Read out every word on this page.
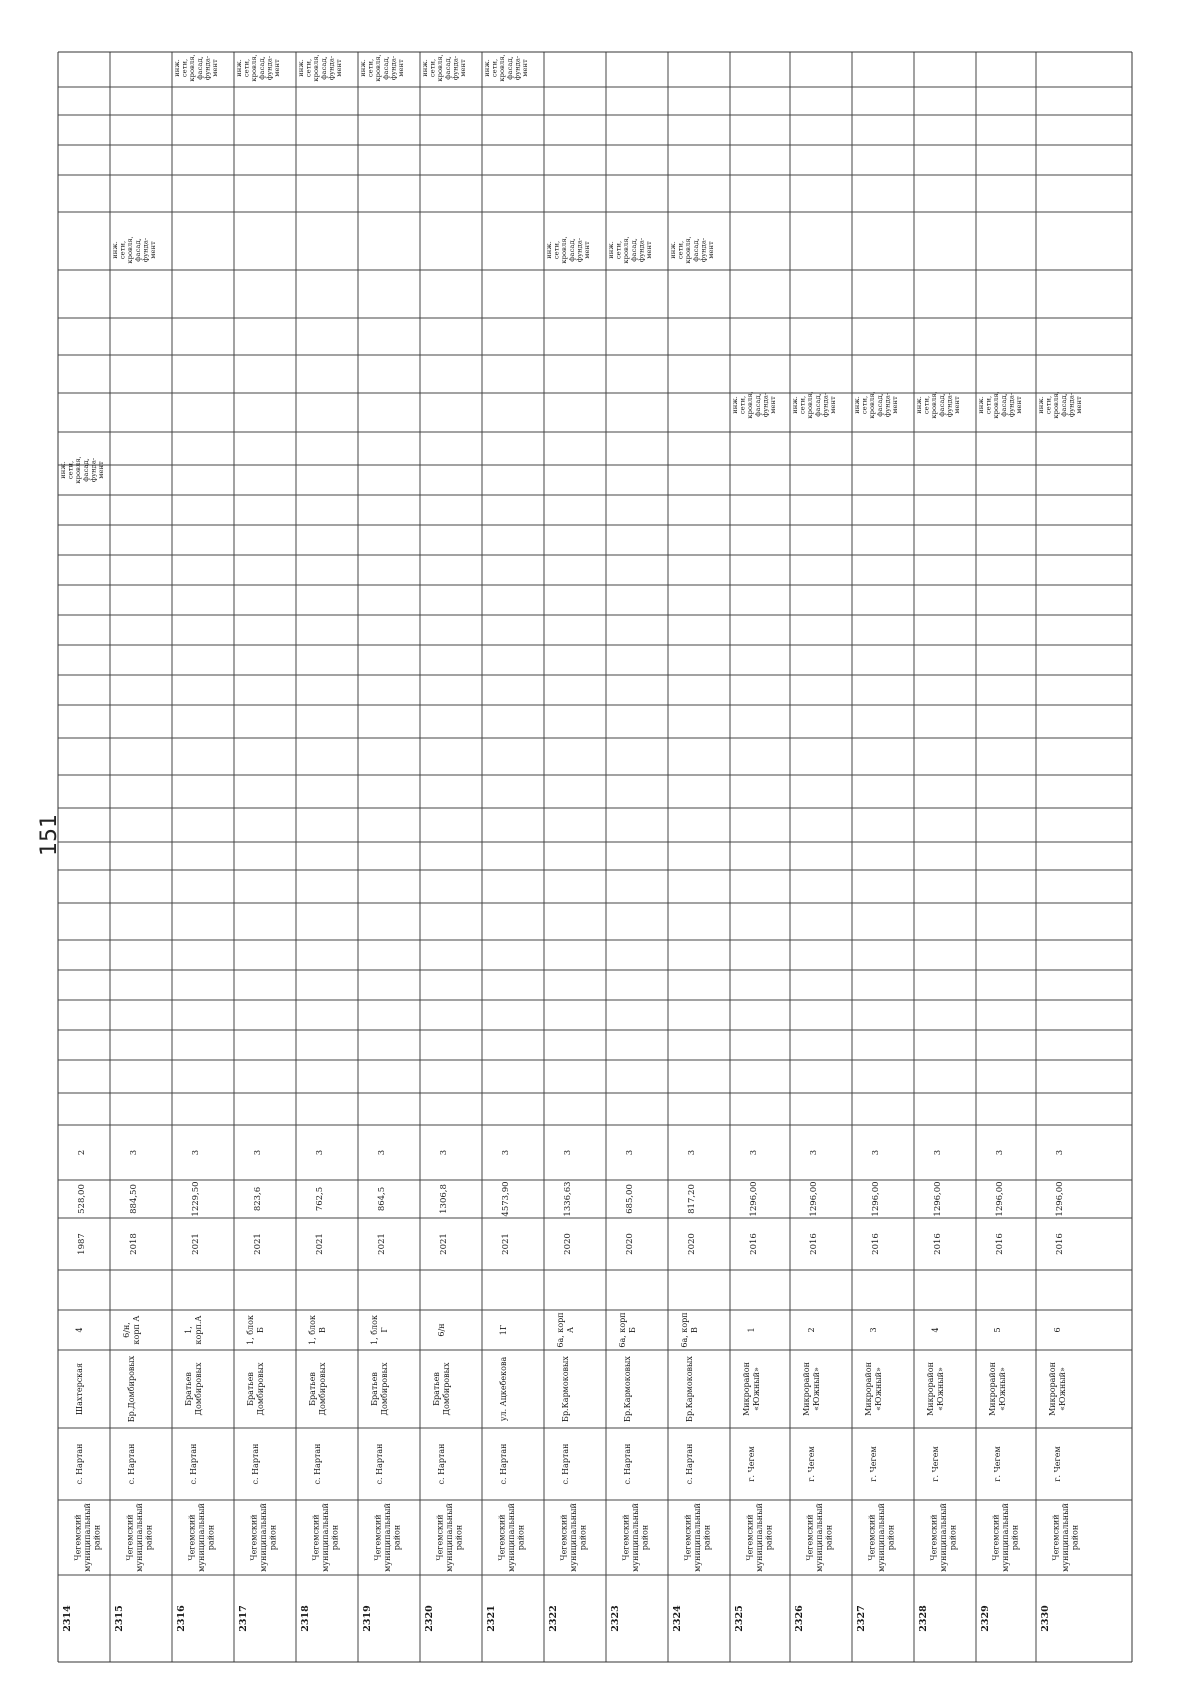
2314
Чегемскиймуниципальныйрайон
с. Нартан
Шахтерская
4
1987
528,00
2
инж.сети,кровля,фасад,фунда-мент
2315
Чегемскиймуниципальныйрайон
с. Нартан
Бр.Домбировых
6/н,корп А
2018
884,50
3
инж.сети,кровля,фасад,фунда-мент
2316
Чегемскиймуниципальныйрайон
с. Нартан
БратьевДомбировых
1,корп.А
2021
1229,50
3
инж.сети,кровля,фасад,фунда-мент
2317
Чегемскиймуниципальныйрайон
с. Нартан
БратьевДомбировых
1, блокБ
2021
823,6
3
инж.сети,кровля,фасад,фунда-мент
2318
Чегемскиймуниципальныйрайон
с. Нартан
БратьевДомбировых
1, блокВ
2021
762,5
3
инж.сети,кровля,фасад,фунда-мент
2319
Чегемскиймуниципальныйрайон
с. Нартан
БратьевДомбировых
1, блокГ
2021
864,5
3
инж.сети,кровля,фасад,фунда-мент
2320
Чегемскиймуниципальныйрайон
с. Нартан
БратьевДомбировых
6/н
2021
1306,8
3
инж.сети,кровля,фасад,фунда-мент
2321
Чегемскиймуниципальныйрайон
с. Нартан
ул. Ацкебекова
1Г
2021
4573,90
3
инж.сети,кровля,фасад,фунда-мент
2322
Чегемскиймуниципальныйрайон
с. Нартан
Бр.Кармоковых
6а, корпА
2020
1336,63
3
инж.сети,кровля,фасад,фунда-мент
2323
Чегемскиймуниципальныйрайон
с. Нартан
Бр.Кармоковых
6а, корпБ
2020
685,00
3
инж.сети,кровля,фасад,фунда-мент
2324
Чегемскиймуниципальныйрайон
с. Нартан
Бр.Кармоковых
6а, корпВ
2020
817,20
3
инж.сети,кровля,фасад,фунда-мент
2325
Чегемскиймуниципальныйрайон
г. Чегем
Микрорайон«Южный»
1
2016
1296,00
3
инж.сети,кровля,фасад,фунда-мент
2326
Чегемскиймуниципальныйрайон
г. Чегем
Микрорайон«Южный»
2
2016
1296,00
3
инж.сети,кровля,фасад,фунда-мент
2327
Чегемскиймуниципальныйрайон
г. Чегем
Микрорайон«Южный»
3
2016
1296,00
3
инж.сети,кровля,фасад,фунда-мент
2328
Чегемскиймуниципальныйрайон
г. Чегем
Микрорайон«Южный»
4
2016
1296,00
3
инж.сети,кровля,фасад,фунда-мент
2329
Чегемскиймуниципальныйрайон
г. Чегем
Микрорайон«Южный»
5
2016
1296,00
3
инж.сети,кровля,фасад,фунда-мент
2330
Чегемскиймуниципальныйрайон
г. Чегем
Микрорайон«Южный»
6
2016
1296,00
3
инж.сети,кровля,фасад,фунда-мент
151
